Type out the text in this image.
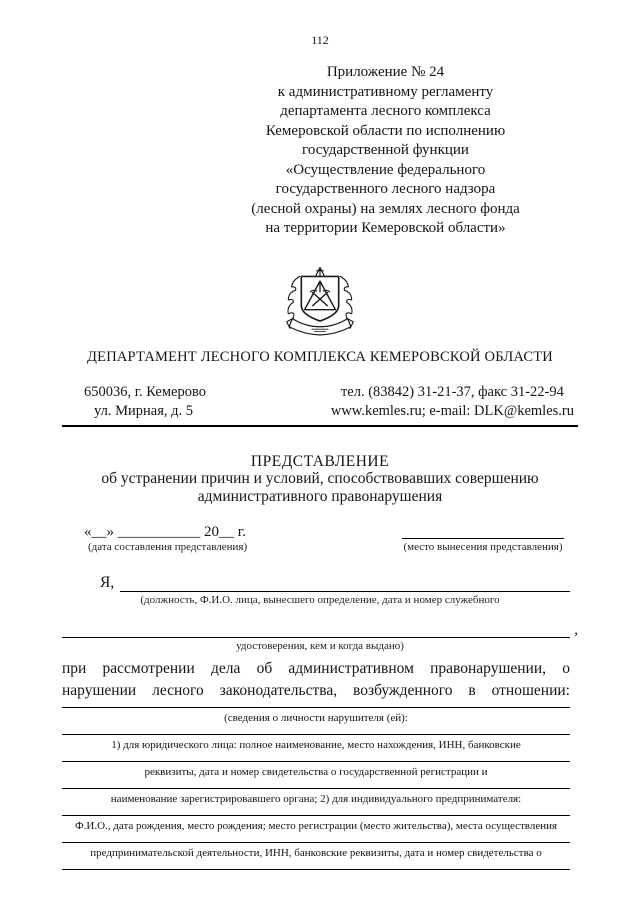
112
Приложение № 24
к административному регламенту
департамента лесного комплекса
Кемеровской области по исполнению
государственной функции
«Осуществление федерального
государственного лесного надзора
(лесной охраны) на землях лесного фонда
на территории Кемеровской области»
ДЕПАРТАМЕНТ ЛЕСНОГО КОМПЛЕКСА КЕМЕРОВСКОЙ ОБЛАСТИ
650036, г. Кемерово
ул. Мирная, д. 5
тел. (83842) 31-21-37, факс 31-22-94
www.kemles.ru; e-mail: DLK@kemles.ru
ПРЕДСТАВЛЕНИЕ
об устранении причин и условий, способствовавших совершению
административного правонарушения
«__» ___________ 20__ г.
(дата составления представления)	(место вынесения представления)
Я,
(должность, Ф.И.О. лица, вынесшего определение, дата и номер служебного
,
удостоверения, кем и когда выдано)
при рассмотрении дела об административном правонарушении, о
нарушении лесного законодательства, возбужденного в отношении:
(сведения о личности нарушителя (ей):
1) для юридического лица: полное наименование, место нахождения, ИНН, банковские
реквизиты, дата и номер свидетельства о государственной регистрации и
наименование зарегистрировавшего органа; 2) для индивидуального предпринимателя:
Ф.И.О., дата рождения, место рождения; место регистрации (место жительства), места осуществления
предпринимательской деятельности, ИНН, банковские реквизиты, дата и номер свидетельства о
